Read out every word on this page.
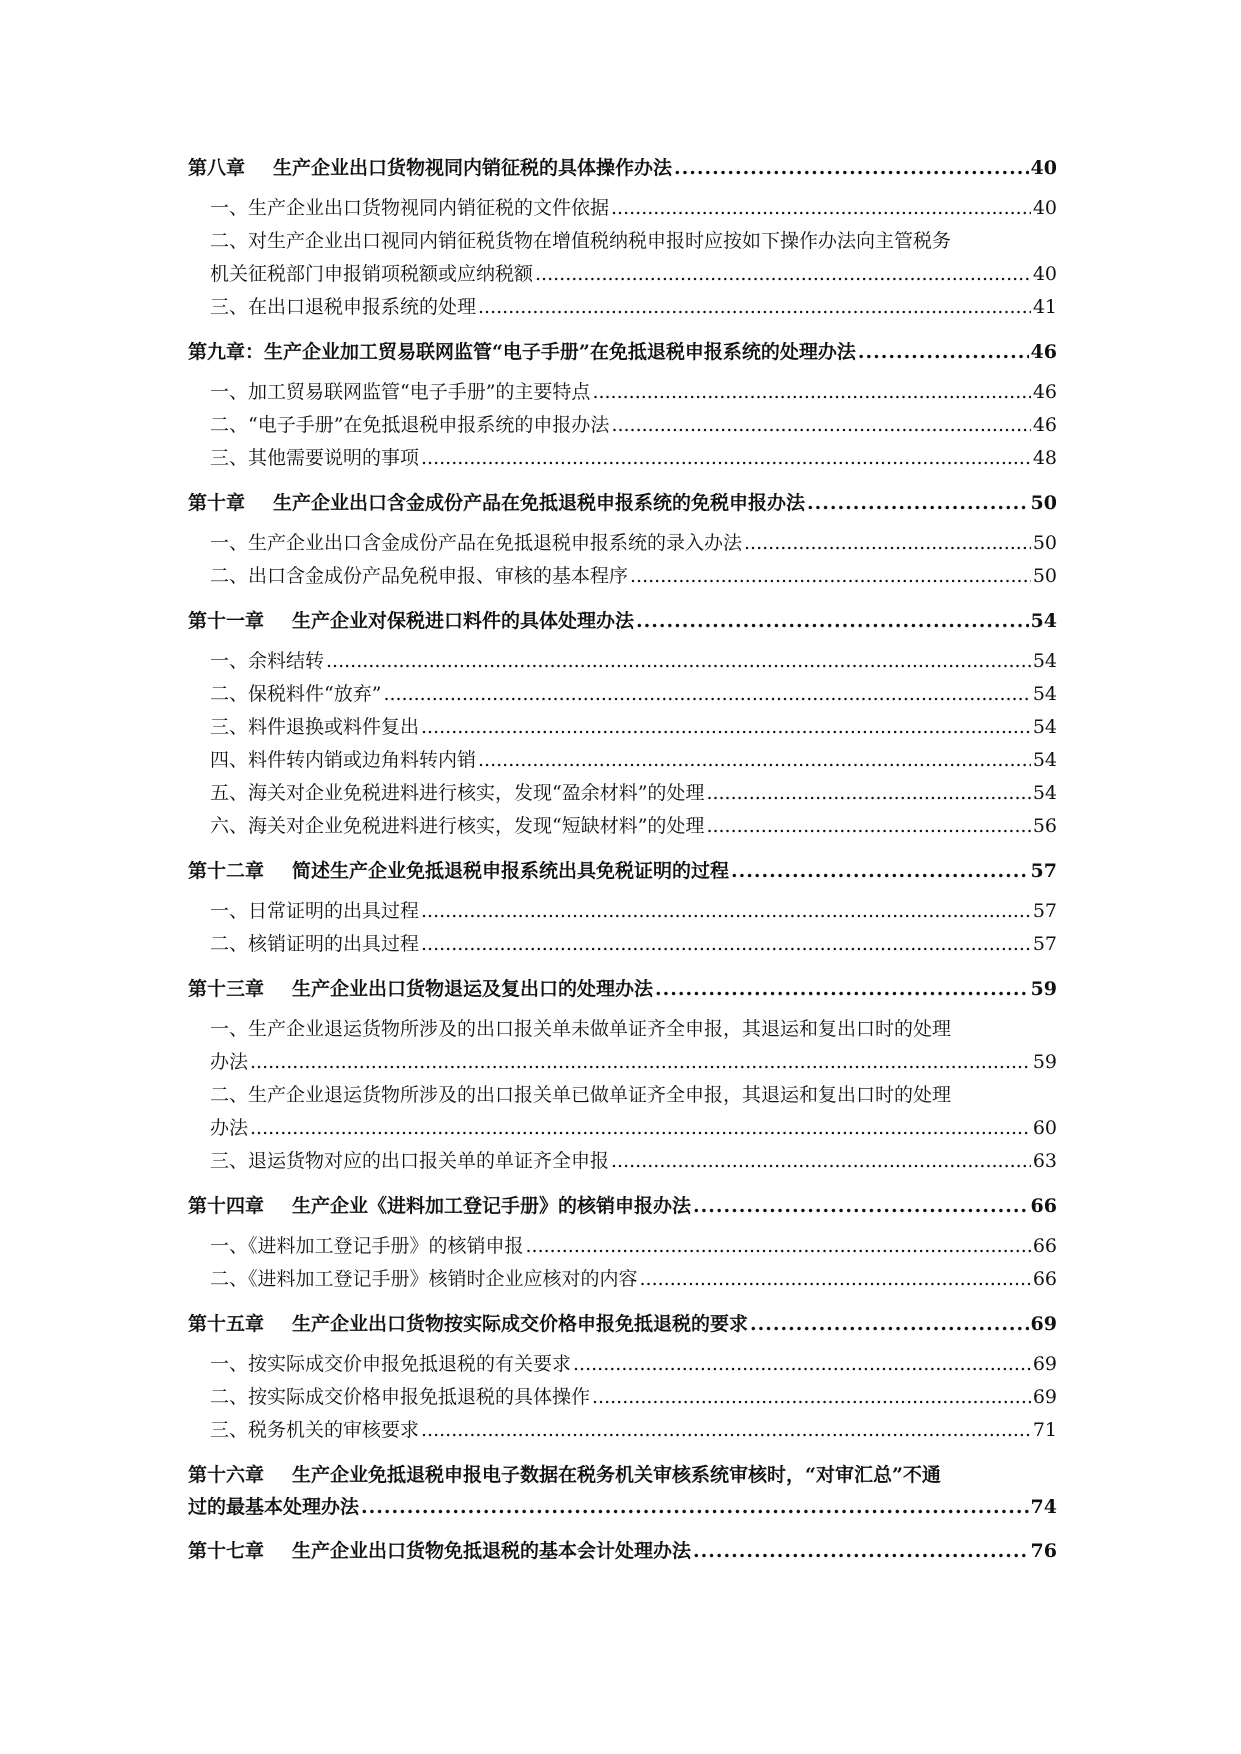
第八章 生产企业出口货物视同内销征税的具体操作办法 .....	40
一、生产企业出口货物视同内销征税的文件依据 .....	40
二、对生产企业出口视同内销征税货物在增值税纳税申报时应按如下操作办法向主管税务
机关征税部门申报销项税额或应纳税额 .....	40
三、在出口退税申报系统的处理 .....	41
第九章：生产企业加工贸易联网监管“电子手册”在免抵退税申报系统的处理办法 .....	46
一、加工贸易联网监管“电子手册”的主要特点 .....	46
二、“电子手册”在免抵退税申报系统的申报办法 .....	46
三、其他需要说明的事项 .....	48
第十章 生产企业出口含金成份产品在免抵退税申报系统的免税申报办法 .....	50
一、生产企业出口含金成份产品在免抵退税申报系统的录入办法 .....	50
二、出口含金成份产品免税申报、审核的基本程序 .....	50
第十一章 生产企业对保税进口料件的具体处理办法 .....	54
一、余料结转 .....	54
二、保税料件“放弃” .....	54
三、料件退换或料件复出 .....	54
四、料件转内销或边角料转内销 .....	54
五、海关对企业免税进料进行核实，发现“盈余材料”的处理 .....	54
六、海关对企业免税进料进行核实，发现“短缺材料”的处理 .....	56
第十二章 简述生产企业免抵退税申报系统出具免税证明的过程 .....	57
一、日常证明的出具过程 .....	57
二、核销证明的出具过程 .....	57
第十三章 生产企业出口货物退运及复出口的处理办法 .....	59
一、生产企业退运货物所涉及的出口报关单未做单证齐全申报，其退运和复出口时的处理
办法 .....	59
二、生产企业退运货物所涉及的出口报关单已做单证齐全申报，其退运和复出口时的处理
办法 .....	60
三、退运货物对应的出口报关单的单证齐全申报 .....	63
第十四章 生产企业《进料加工登记手册》的核销申报办法 .....	66
一、《进料加工登记手册》的核销申报 .....	66
二、《进料加工登记手册》核销时企业应核对的内容 .....	66
第十五章 生产企业出口货物按实际成交价格申报免抵退税的要求 .....	69
一、按实际成交价申报免抵退税的有关要求 .....	69
二、按实际成交价格申报免抵退税的具体操作 .....	69
三、税务机关的审核要求 .....	71
第十六章 生产企业免抵退税申报电子数据在税务机关审核系统审核时，“对审汇总”不通
过的最基本处理办法 .....	74
第十七章 生产企业出口货物免抵退税的基本会计处理办法 .....	76
